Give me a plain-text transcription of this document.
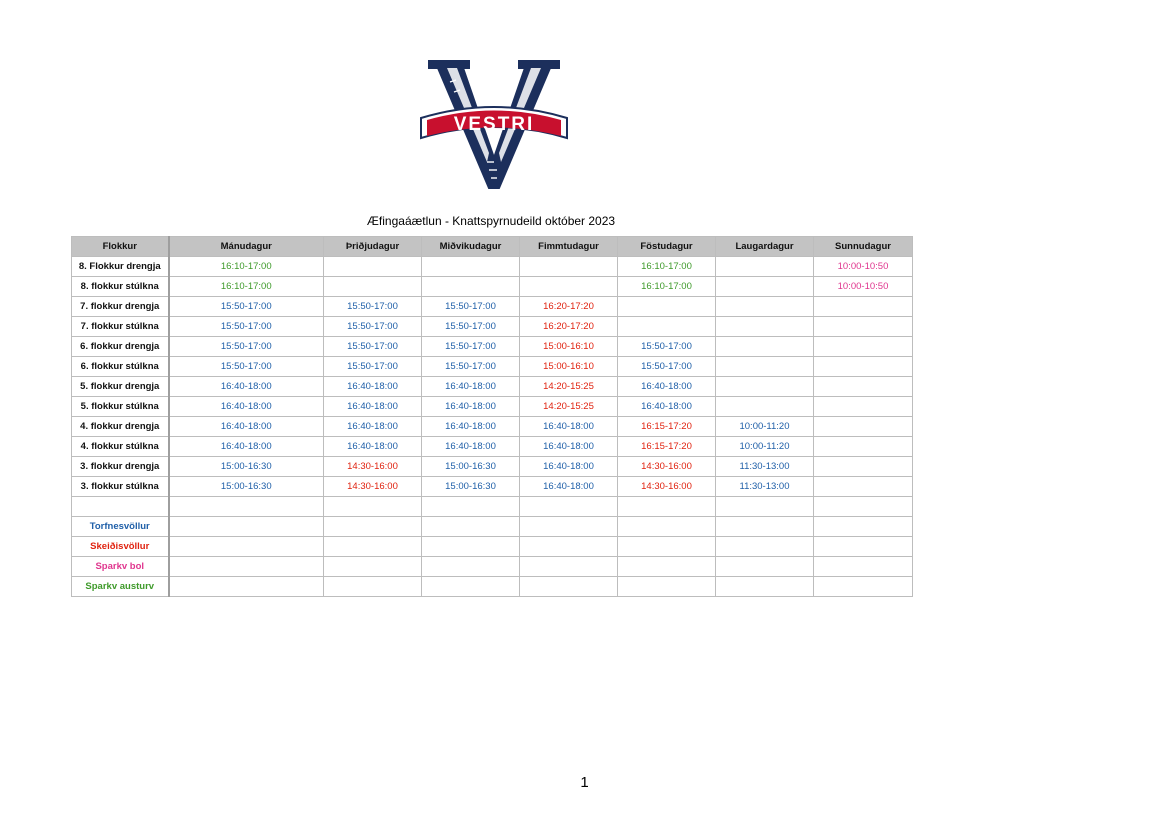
VESTRI
Æfingaáætlun - Knattspyrnudeild október 2023
Flokkur	Mánudagur	Þriðjudagur	Miðvikudagur	Fimmtudagur	Föstudagur	Laugardagur	Sunnudagur
8. Flokkur drengja	16:10-17:00				16:10-17:00		10:00-10:50
8. flokkur stúlkna	16:10-17:00				16:10-17:00		10:00-10:50
7. flokkur drengja	15:50-17:00	15:50-17:00	15:50-17:00	16:20-17:20			
7. flokkur stúlkna	15:50-17:00	15:50-17:00	15:50-17:00	16:20-17:20			
6. flokkur drengja	15:50-17:00	15:50-17:00	15:50-17:00	15:00-16:10	15:50-17:00		
6. flokkur stúlkna	15:50-17:00	15:50-17:00	15:50-17:00	15:00-16:10	15:50-17:00		
5. flokkur drengja	16:40-18:00	16:40-18:00	16:40-18:00	14:20-15:25	16:40-18:00		
5. flokkur stúlkna	16:40-18:00	16:40-18:00	16:40-18:00	14:20-15:25	16:40-18:00		
4. flokkur drengja	16:40-18:00	16:40-18:00	16:40-18:00	16:40-18:00	16:15-17:20	10:00-11:20	
4. flokkur stúlkna	16:40-18:00	16:40-18:00	16:40-18:00	16:40-18:00	16:15-17:20	10:00-11:20	
3. flokkur drengja	15:00-16:30	14:30-16:00	15:00-16:30	16:40-18:00	14:30-16:00	11:30-13:00	
3. flokkur stúlkna	15:00-16:30	14:30-16:00	15:00-16:30	16:40-18:00	14:30-16:00	11:30-13:00	

Torfnesvöllur							
Skeiðisvöllur							
Sparkv bol							
Sparkv austurv							
1
